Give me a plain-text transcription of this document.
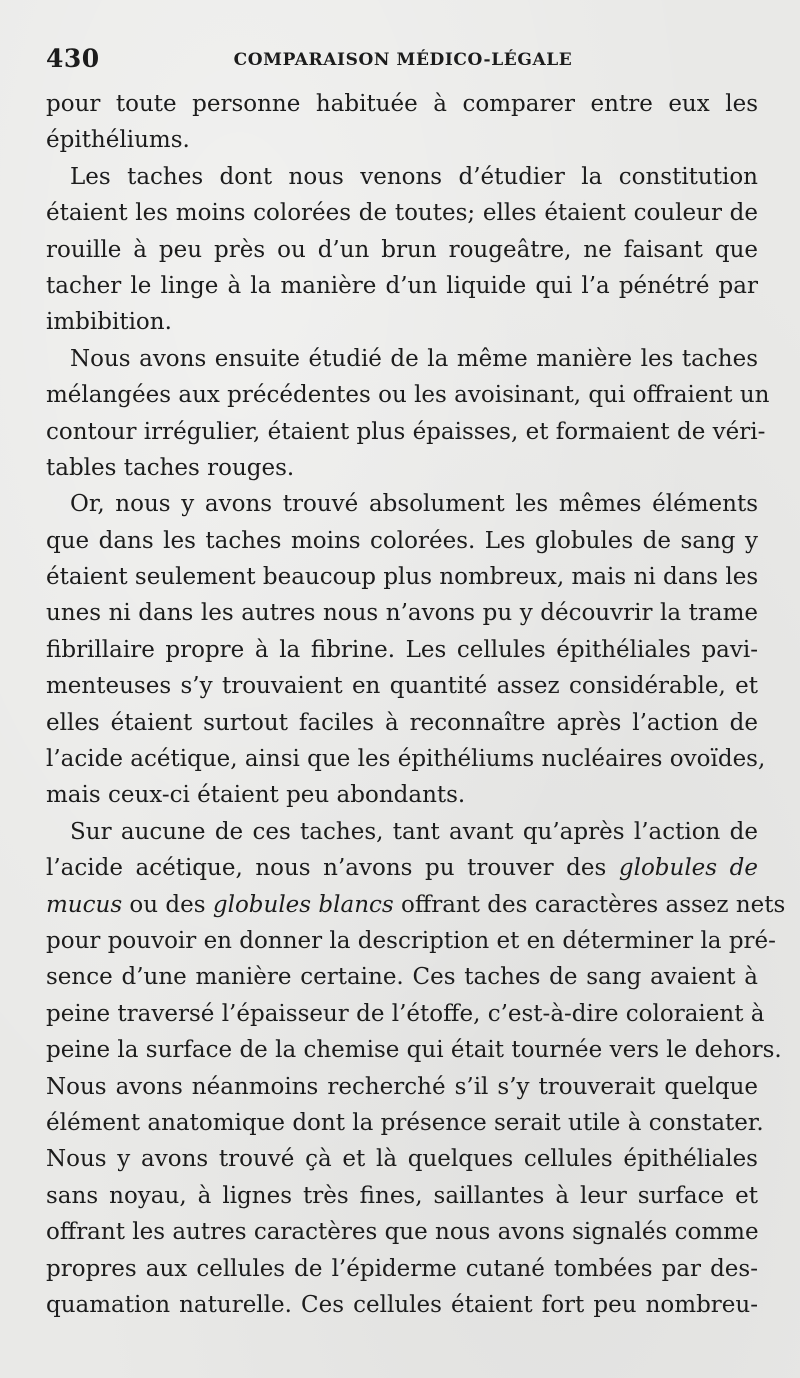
430	COMPARAISON MÉDICO-LÉGALE
pour toute personne habituée à comparer entre eux les
épithéliums.
Les taches dont nous venons d’étudier la constitution
étaient les moins colorées de toutes; elles étaient couleur de
rouille à peu près ou d’un brun rougeâtre, ne faisant que
tacher le linge à la manière d’un liquide qui l’a pénétré par
imbibition.
Nous avons ensuite étudié de la même manière les taches
mélangées aux précédentes ou les avoisinant, qui offraient un
contour irrégulier, étaient plus épaisses, et formaient de véri-
tables taches rouges.
Or, nous y avons trouvé absolument les mêmes éléments
que dans les taches moins colorées. Les globules de sang y
étaient seulement beaucoup plus nombreux, mais ni dans les
unes ni dans les autres nous n’avons pu y découvrir la trame
fibrillaire propre à la fibrine. Les cellules épithéliales pavi-
menteuses s’y trouvaient en quantité assez considérable, et
elles étaient surtout faciles à reconnaître après l’action de
l’acide acétique, ainsi que les épithéliums nucléaires ovoïdes,
mais ceux-ci étaient peu abondants.
Sur aucune de ces taches, tant avant qu’après l’action de
l’acide acétique, nous n’avons pu trouver des globules de
mucus ou des globules blancs offrant des caractères assez nets
pour pouvoir en donner la description et en déterminer la pré-
sence d’une manière certaine. Ces taches de sang avaient à
peine traversé l’épaisseur de l’étoffe, c’est-à-dire coloraient à
peine la surface de la chemise qui était tournée vers le dehors.
Nous avons néanmoins recherché s’il s’y trouverait quelque
élément anatomique dont la présence serait utile à constater.
Nous y avons trouvé çà et là quelques cellules épithéliales
sans noyau, à lignes très fines, saillantes à leur surface et
offrant les autres caractères que nous avons signalés comme
propres aux cellules de l’épiderme cutané tombées par des-
quamation naturelle. Ces cellules étaient fort peu nombreu-
